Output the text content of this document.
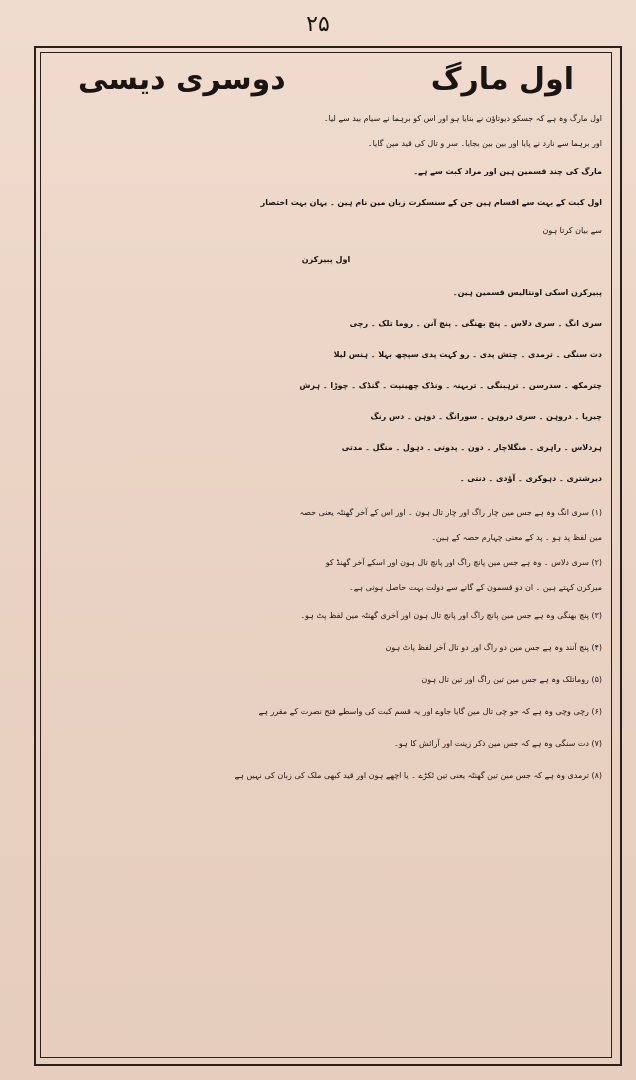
۲۵
اول مارگ
دوسری دیسی

اول مارگ وہ ہے کہ جسکو دیوتاؤن نے بنایا ہو اور اس کو برہما نے سیام بید سے لیا۔

اور برہما سے نارد نے پایا اور بین بین بجایا۔ سر و تال کی قید مین گایا۔

مارگ کی چند قسمین ہین اور مراد کبت سے ہے۔

اول کبت کے بہت سے اقسام ہین جن کے سنسکرت زبان مین نام ہین ۔ یہان بہت اختصار

سے بیان کرتا ہون

اول پبیرکرن

پبیرکرن اسکی اونتالیس قسمین ہین۔

سری انگ ۔ سری دلاس ۔ پنچ بھنگی ۔ پنچ آنن ۔ روما تلک ۔ رچی

دت سنگی ۔ ترمدی ۔ چتش پدی ۔ رو کہت پدی سپچھ بہلا ۔ ہنس لیلا

چترمکھ ۔ سدرسن ۔ ترہبنگی ۔ تربہنہ ۔ ونڈک چھینپت ۔ گنڈک ۔ چوڑا ۔ ہرش

چیرپا ۔ دروہن ۔ سری دروہن ۔ سورانگ ۔ دوہن ۔ دس رنگ

ہردلاس ۔ راہری ۔ منگلاچار ۔ دون ۔ پدوتی ۔ دہول ۔ منگل ۔ مدتی

دیرشتری ۔ دہوکری ۔ آؤدی ۔ دنتی ۔

(۱) سری انگ وہ ہے جس مین چار راگ اور چار تال ہون ۔ اور اس کے آخر گھنٹہ یعنی حصہ

مین لفظ پد ہو ۔ پد کے معنی چہارم حصہ کے ہین۔

(۲) سری دلاس ۔ وہ ہے جس مین پانچ راگ اور پانچ تال ہون اور اسکے آخر گھنڈ کو

میرکرن کہتے ہین ۔ ان دو قسمون کے گانے سے دولت بہت حاصل ہوتی ہے۔

(۳) پنچ بھنگی وہ ہے جس مین پانچ راگ اور پانچ تال ہون اور آخری گھنٹہ مین لفظ پٹ ہو۔

(۴) پنچ آنند وہ ہے جس مین دو راگ اور دو تال آخر لفظ پاٹ ہون

(۵) روماتلک وہ ہے جس مین تین راگ اور تین تال ہون

(۶) رچی وچی وہ ہے کہ جو چی تال مین گایا جاوے اور یہ قسم کبت کی واسطے فتح نصرت کے مقرر ہے

(۷) دت سنگی وہ ہے کہ جس مین ذکر زینت اور آرائش کا ہو۔

(۸) ترمدی وہ ہے کہ جس مین تین گھنٹہ یعنی تین ٹکڑے ۔ یا اچھے ہون اور قید کبھی ملک کی زبان کی نہیں ہے
